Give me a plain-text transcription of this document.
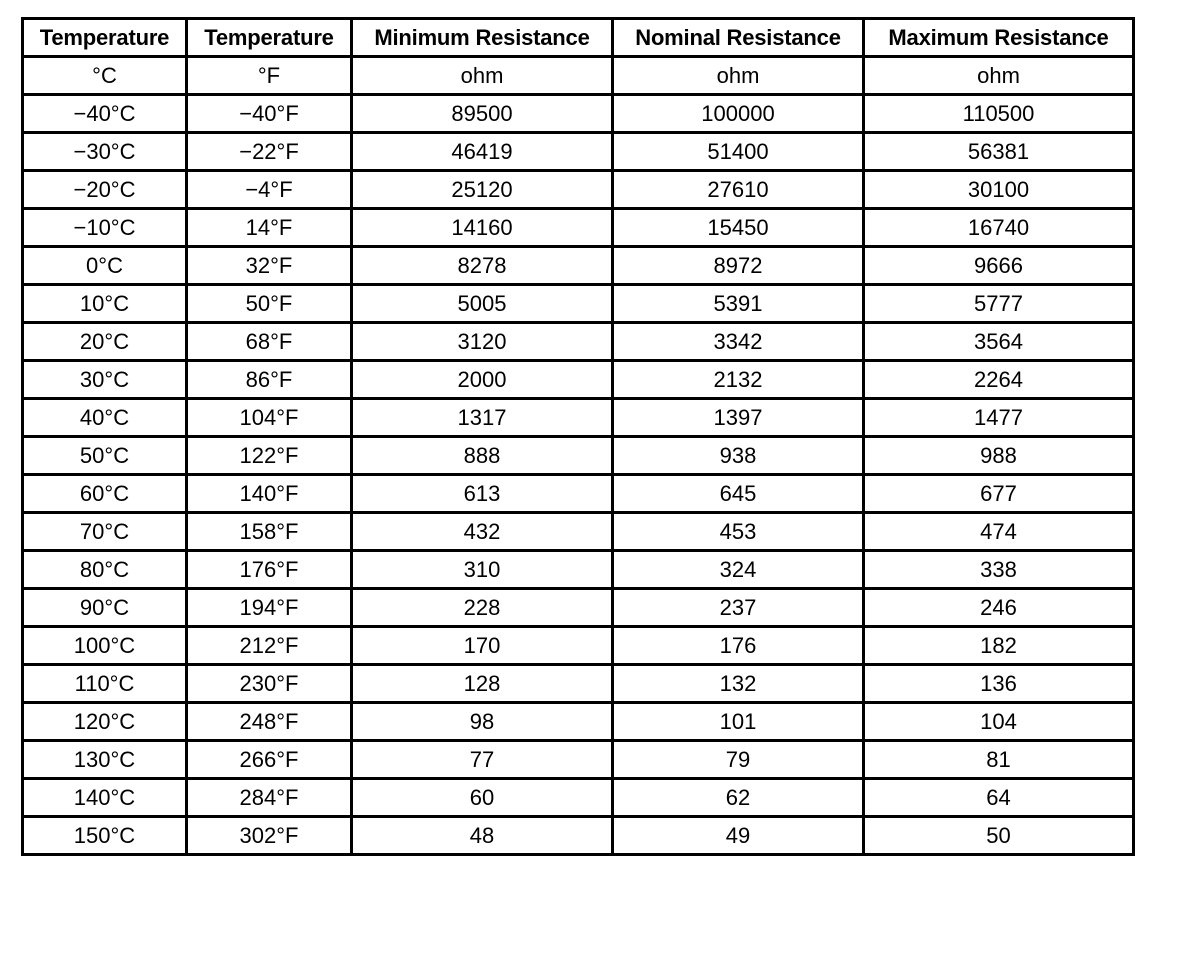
Temperature	Temperature	Minimum Resistance	Nominal Resistance	Maximum Resistance
°C	°F	ohm	ohm	ohm
−40°C	−40°F	89500	100000	110500
−30°C	−22°F	46419	51400	56381
−20°C	−4°F	25120	27610	30100
−10°C	14°F	14160	15450	16740
0°C	32°F	8278	8972	9666
10°C	50°F	5005	5391	5777
20°C	68°F	3120	3342	3564
30°C	86°F	2000	2132	2264
40°C	104°F	1317	1397	1477
50°C	122°F	888	938	988
60°C	140°F	613	645	677
70°C	158°F	432	453	474
80°C	176°F	310	324	338
90°C	194°F	228	237	246
100°C	212°F	170	176	182
110°C	230°F	128	132	136
120°C	248°F	98	101	104
130°C	266°F	77	79	81
140°C	284°F	60	62	64
150°C	302°F	48	49	50
